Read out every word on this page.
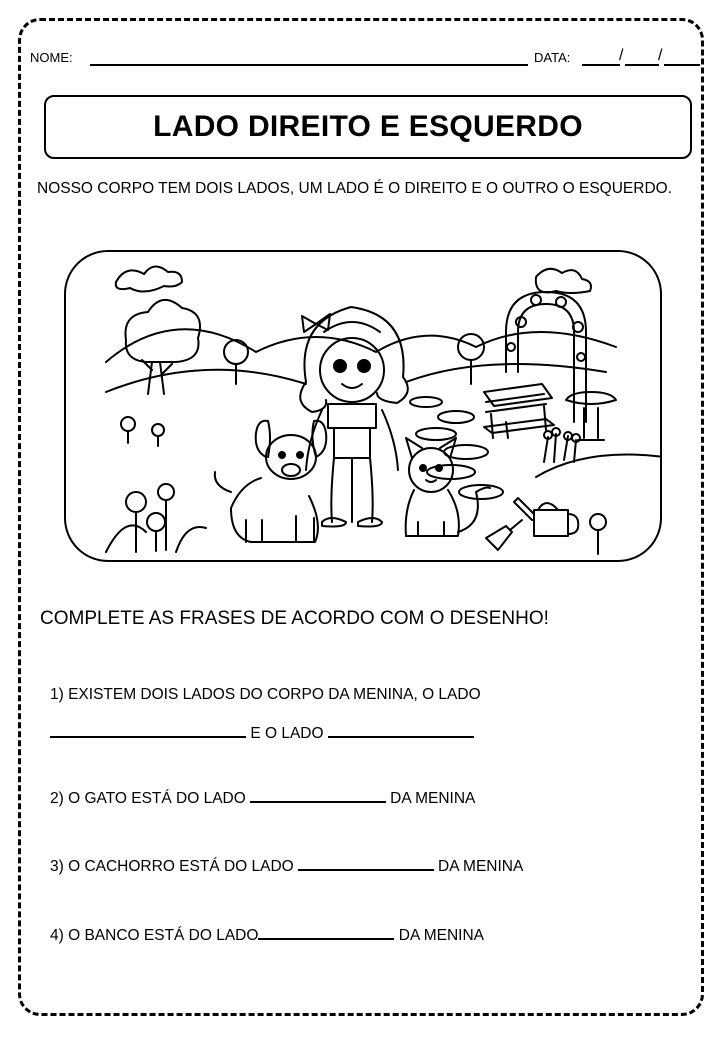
NOME:	DATA:	/ /
LADO DIREITO E ESQUERDO
NOSSO CORPO TEM DOIS LADOS, UM LADO É O DIREITO E O OUTRO O ESQUERDO.
COMPLETE AS FRASES DE ACORDO COM O DESENHO!
1) EXISTEM DOIS LADOS DO CORPO DA MENINA, O LADO
E O LADO
2) O GATO ESTÁ DO LADO	DA MENINA
3) O CACHORRO ESTÁ DO LADO	DA MENINA
4) O BANCO ESTÁ DO LADO	DA MENINA
